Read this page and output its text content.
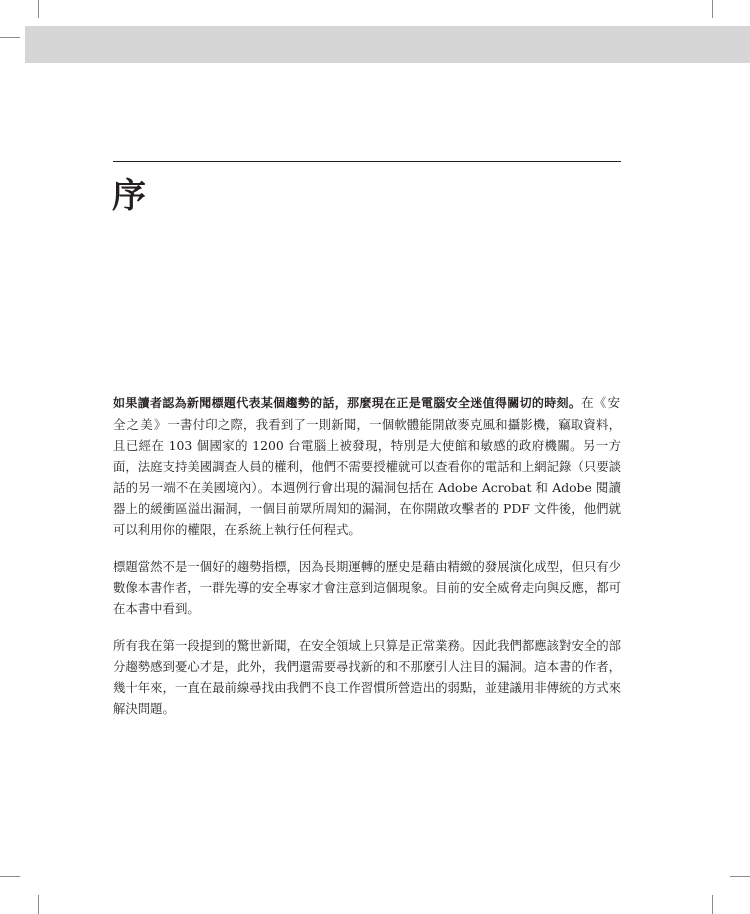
序

如果讀者認為新聞標題代表某個趨勢的話，那麼現在正是電腦安全迷值得關切的時刻。在《安全之美》一書付印之際，我看到了一則新聞，一個軟體能開啟麥克風和攝影機，竊取資料，且已經在 103 個國家的 1200 台電腦上被發現，特別是大使館和敏感的政府機關。另一方面，法庭支持美國調查人員的權利，他們不需要授權就可以查看你的電話和上網記錄（只要談話的另一端不在美國境內）。本週例行會出現的漏洞包括在 Adobe Acrobat 和 Adobe 閱讀器上的緩衝區溢出漏洞，一個目前眾所周知的漏洞，在你開啟攻擊者的 PDF 文件後，他們就可以利用你的權限，在系統上執行任何程式。

標題當然不是一個好的趨勢指標，因為長期運轉的歷史是藉由精緻的發展演化成型，但只有少數像本書作者，一群先導的安全專家才會注意到這個現象。目前的安全威脅走向與反應，都可在本書中看到。

所有我在第一段提到的驚世新聞，在安全領域上只算是正常業務。因此我們都應該對安全的部分趨勢感到憂心才是，此外，我們還需要尋找新的和不那麼引人注目的漏洞。這本書的作者，幾十年來，一直在最前線尋找由我們不良工作習慣所營造出的弱點，並建議用非傳統的方式來解決問題。
